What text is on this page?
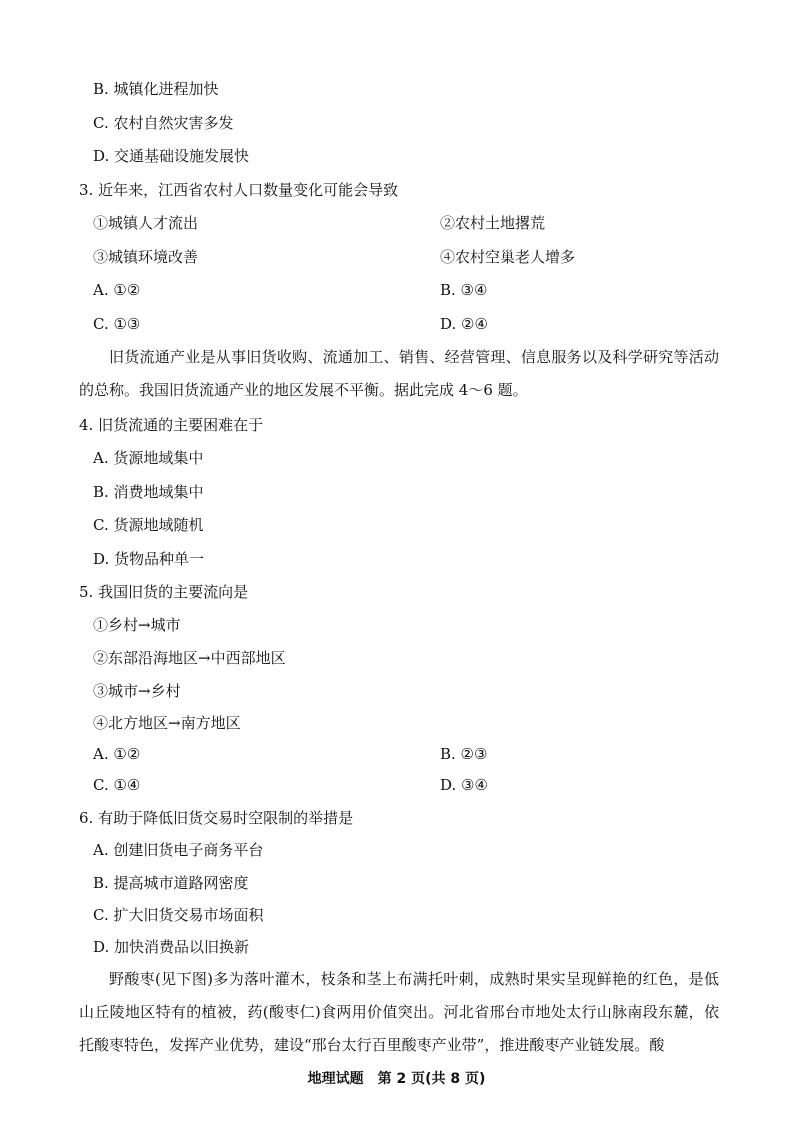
B. 城镇化进程加快
C. 农村自然灾害多发
D. 交通基础设施发展快
3. 近年来，江西省农村人口数量变化可能会导致
①城镇人才流出	②农村土地撂荒
③城镇环境改善	④农村空巢老人增多
A. ①②	B. ③④
C. ①③	D. ②④
旧货流通产业是从事旧货收购、流通加工、销售、经营管理、信息服务以及科学研究等活动的总称。我国旧货流通产业的地区发展不平衡。据此完成 4～6 题。
4. 旧货流通的主要困难在于
A. 货源地域集中
B. 消费地域集中
C. 货源地域随机
D. 货物品种单一
5. 我国旧货的主要流向是
①乡村→城市
②东部沿海地区→中西部地区
③城市→乡村
④北方地区→南方地区
A. ①②	B. ②③
C. ①④	D. ③④
6. 有助于降低旧货交易时空限制的举措是
A. 创建旧货电子商务平台
B. 提高城市道路网密度
C. 扩大旧货交易市场面积
D. 加快消费品以旧换新
野酸枣(见下图)多为落叶灌木，枝条和茎上布满托叶刺，成熟时果实呈现鲜艳的红色，是低山丘陵地区特有的植被，药(酸枣仁)食两用价值突出。河北省邢台市地处太行山脉南段东麓，依托酸枣特色，发挥产业优势，建设“邢台太行百里酸枣产业带”，推进酸枣产业链发展。酸
地理试题　第 2 页(共 8 页)
